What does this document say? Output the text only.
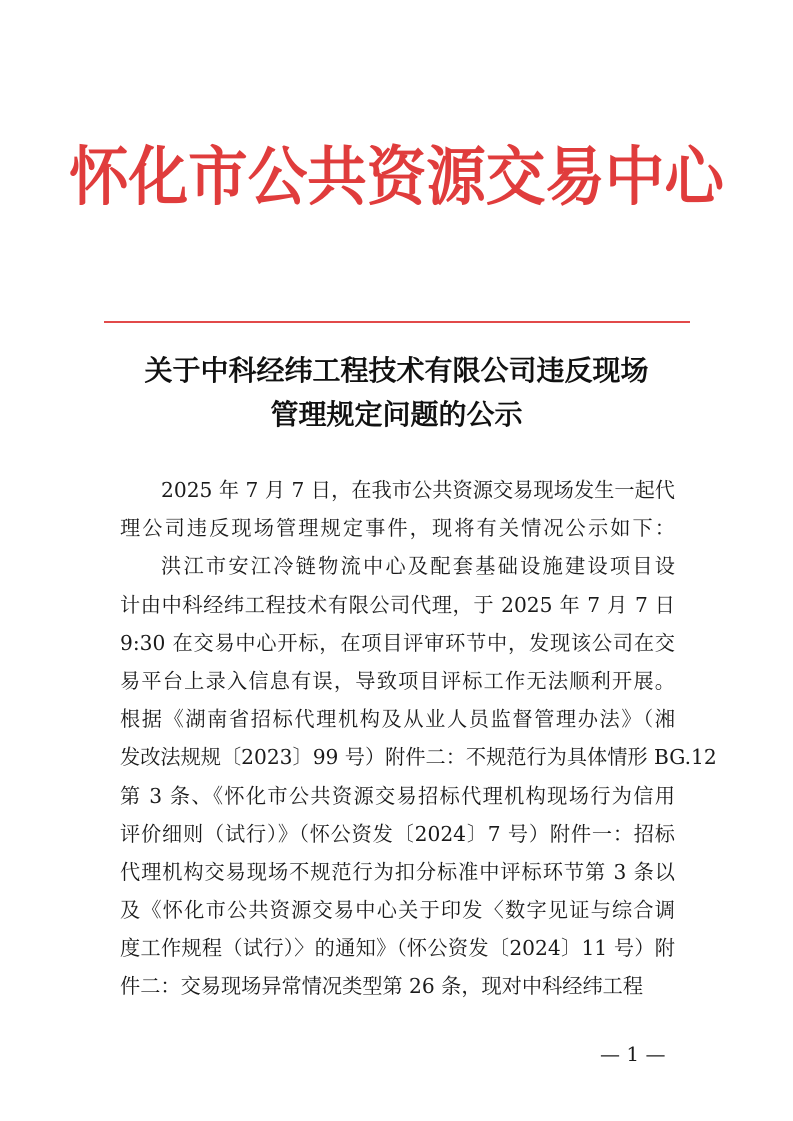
怀化市公共资源交易中心
关于中科经纬工程技术有限公司违反现场
管理规定问题的公示
2025 年 7 月 7 日，在我市公共资源交易现场发生一起代
理公司违反现场管理规定事件，现将有关情况公示如下：
洪江市安江冷链物流中心及配套基础设施建设项目设
计由中科经纬工程技术有限公司代理，于 2025 年 7 月 7 日
9:30 在交易中心开标，在项目评审环节中，发现该公司在交
易平台上录入信息有误，导致项目评标工作无法顺利开展。
根据《湖南省招标代理机构及从业人员监督管理办法》（湘
发改法规规〔2023〕99 号）附件二：不规范行为具体情形 BG.12
第 3 条、《怀化市公共资源交易招标代理机构现场行为信用
评价细则（试行）》（怀公资发〔2024〕7 号）附件一：招标
代理机构交易现场不规范行为扣分标准中评标环节第 3 条以
及《怀化市公共资源交易中心关于印发〈数字见证与综合调
度工作规程（试行）〉的通知》（怀公资发〔2024〕11 号）附
件二：交易现场异常情况类型第 26 条，现对中科经纬工程
— 1 —
